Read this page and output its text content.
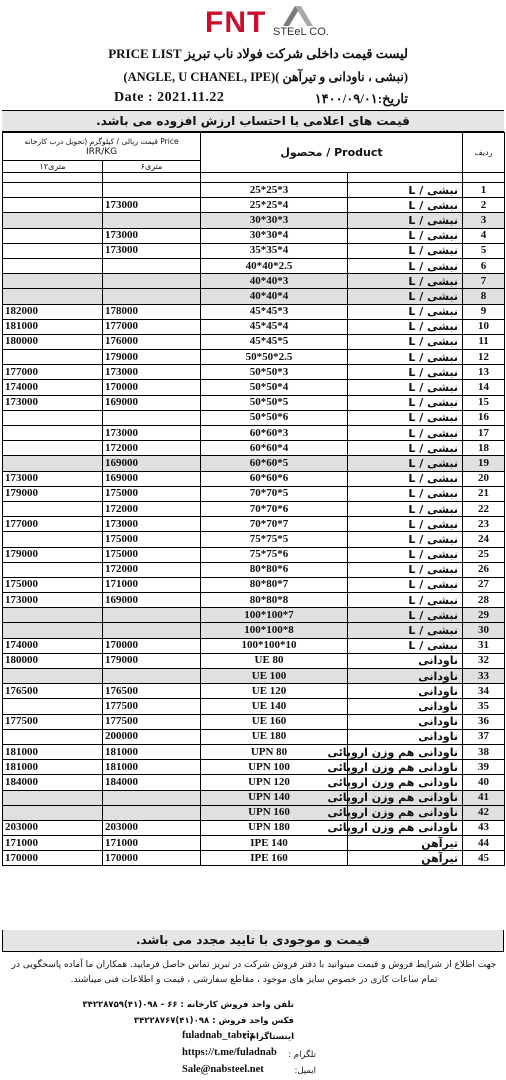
FNT STEeL CO.
لیست قیمت داخلی شرکت فولاد ناب تبریز PRICE LIST
(نبشی ، ناودانی و تیرآهن )(ANGLE, U CHANEL, IPE)
تاریخ:۱۴۰۰/۰۹/۰۱
Date : 2021.11.22
قیمت های اعلامی با احتساب ارزش افزوده می باشد.
قیمت ریالی / کیلوگرم (تحویل درب کارخانه Price
IRR/KG		محصول / Product		ردیف
۱۲متری	۶متری			

		25*25*3	نبشی / L	1
	173000	25*25*4	نبشی / L	2
		30*30*3	نبشی / L	3
	173000	30*30*4	نبشی / L	4
	173000	35*35*4	نبشی / L	5
		40*40*2.5	نبشی / L	6
		40*40*3	نبشی / L	7
		40*40*4	نبشی / L	8
182000	178000	45*45*3	نبشی / L	9
181000	177000	45*45*4	نبشی / L	10
180000	176000	45*45*5	نبشی / L	11
	179000	50*50*2.5	نبشی / L	12
177000	173000	50*50*3	نبشی / L	13
174000	170000	50*50*4	نبشی / L	14
173000	169000	50*50*5	نبشی / L	15
		50*50*6	نبشی / L	16
	173000	60*60*3	نبشی / L	17
	172000	60*60*4	نبشی / L	18
	169000	60*60*5	نبشی / L	19
173000	169000	60*60*6	نبشی / L	20
179000	175000	70*70*5	نبشی / L	21
	172000	70*70*6	نبشی / L	22
177000	173000	70*70*7	نبشی / L	23
	175000	75*75*5	نبشی / L	24
179000	175000	75*75*6	نبشی / L	25
	172000	80*80*6	نبشی / L	26
175000	171000	80*80*7	نبشی / L	27
173000	169000	80*80*8	نبشی / L	28
		100*100*7	نبشی / L	29
		100*100*8	نبشی / L	30
174000	170000	100*100*10	نبشی / L	31
180000	179000	UE 80	ناودانی	32
		UE 100	ناودانی	33
176500	176500	UE 120	ناودانی	34
	177500	UE 140	ناودانی	35
177500	177500	UE 160	ناودانی	36
	200000	UE 180	ناودانی	37
181000	181000	UPN 80	ناودانی هم وزن اروپائی	38
181000	181000	UPN 100	ناودانی هم وزن اروپائی	39
184000	184000	UPN 120	ناودانی هم وزن اروپائی	40
		UPN 140	ناودانی هم وزن اروپائی	41
		UPN 160	ناودانی هم وزن اروپائی	42
203000	203000	UPN 180	ناودانی هم وزن اروپائی	43
171000	171000	IPE 140	تیرآهن	44
170000	170000	IPE 160	تیرآهن	45
قیمت و موجودی با تایید مجدد می باشد.
جهت اطلاع از شرایط فروش و قیمت میتوانید با دفتر فروش شرکت در تبریز تماس حاصل فرمایید. همکاران ما آماده پاسخگویی در تمام ساعات کاری در خصوص سایز های موجود ، مقاطع سفارشی ، قیمت و اطلاعات فنی میباشند.
تلفن واحد فروش کارخانه : ۶۶ - ۰۹۸(۴۱)۳۴۲۲۸۷۵۹
فکس واحد فروش : ۰۹۸(۴۱)۳۴۲۲۸۷۶۷
اینستاگرام :
fuladnab_tabriz
تلگرام :
https://t.me/fuladnab
ایمیل:
Sale@nabsteel.net
